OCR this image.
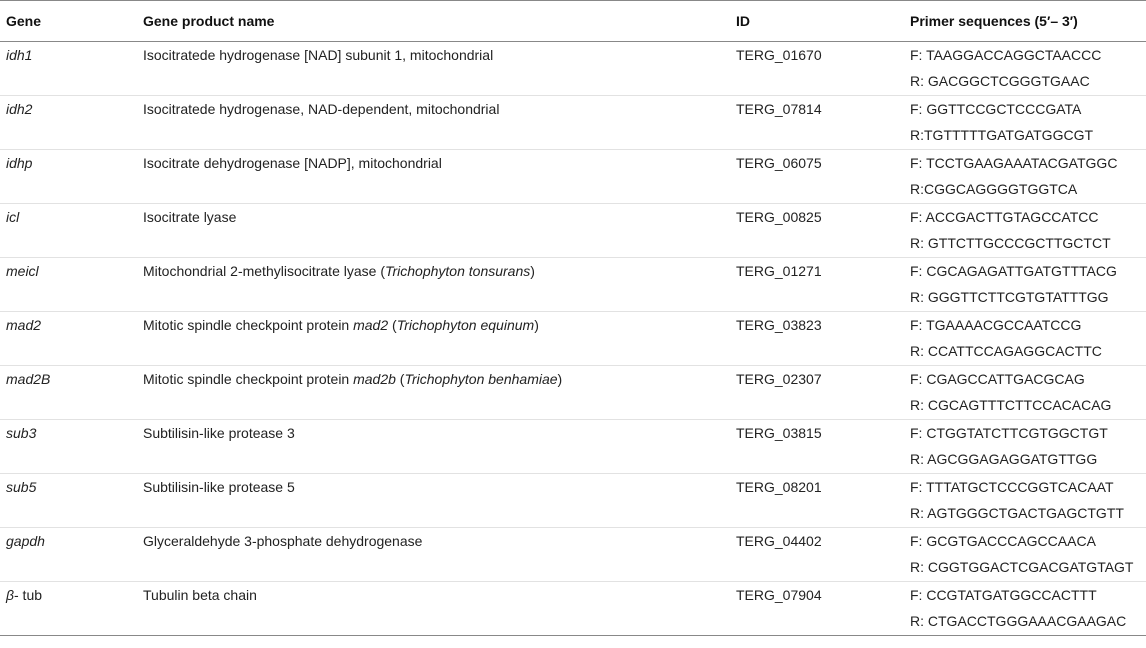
Gene	Gene product name	ID	Primer sequences (5′– 3′)

idh1	Isocitratede hydrogenase [NAD] subunit 1, mitochondrial	TERG_01670	F: TAAGGACCAGGCTAACCC
R: GACGGCTCGGGTGAAC

idh2	Isocitratede hydrogenase, NAD-dependent, mitochondrial	TERG_07814	F: GGTTCCGCTCCCGATA
R:TGTTTTTGATGATGGCGT

idhp	Isocitrate dehydrogenase [NADP], mitochondrial	TERG_06075	F: TCCTGAAGAAATACGATGGC
R:CGGCAGGGGTGGTCA

icl	Isocitrate lyase	TERG_00825	F: ACCGACTTGTAGCCATCC
R: GTTCTTGCCCGCTTGCTCT

meicl	Mitochondrial 2-methylisocitrate lyase (Trichophyton tonsurans)	TERG_01271	F: CGCAGAGATTGATGTTTACG
R: GGGTTCTTCGTGTATTTGG

mad2	Mitotic spindle checkpoint protein mad2 (Trichophyton equinum)	TERG_03823	F: TGAAAACGCCAATCCG
R: CCATTCCAGAGGCACTTC

mad2B	Mitotic spindle checkpoint protein mad2b (Trichophyton benhamiae)	TERG_02307	F: CGAGCCATTGACGCAG
R: CGCAGTTTCTTCCACACAG

sub3	Subtilisin-like protease 3	TERG_03815	F: CTGGTATCTTCGTGGCTGT
R: AGCGGAGAGGATGTTGG

sub5	Subtilisin-like protease 5	TERG_08201	F: TTTATGCTCCCGGTCACAAT
R: AGTGGGCTGACTGAGCTGTT

gapdh	Glyceraldehyde 3-phosphate dehydrogenase	TERG_04402	F: GCGTGACCCAGCCAACA
R: CGGTGGACTCGACGATGTAGT

β- tub	Tubulin beta chain	TERG_07904	F: CCGTATGATGGCCACTTT
R: CTGACCTGGGAAACGAAGAC
